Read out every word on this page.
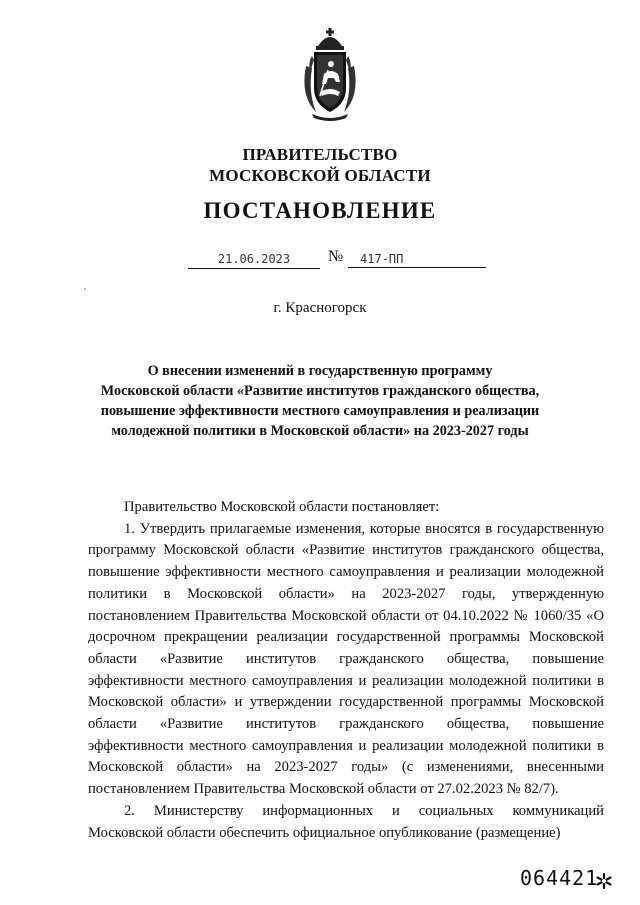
ПРАВИТЕЛЬСТВО
МОСКОВСКОЙ ОБЛАСТИ
ПОСТАНОВЛЕНИЕ
21.06.2023	№	417-ПП
г. Красногорск
О внесении изменений в государственную программу
Московской области «Развитие институтов гражданского общества,
повышение эффективности местного самоуправления и реализации
молодежной политики в Московской области» на 2023-2027 годы

Правительство Московской области постановляет:

1. Утвердить прилагаемые изменения, которые вносятся в государственную программу Московской области «Развитие институтов гражданского общества, повышение эффективности местного самоуправления и реализации молодежной политики в Московской области» на 2023-2027 годы, утвержденную постановлением Правительства Московской области от 04.10.2022 № 1060/35 «О досрочном прекращении реализации государственной программы Московской области «Развитие институтов гражданского общества, повышение эффективности местного самоуправления и реализации молодежной политики в Московской области» и утверждении государственной программы Московской области «Развитие институтов гражданского общества, повышение эффективности местного самоуправления и реализации молодежной политики в Московской области» на 2023-2027 годы» (с изменениями, внесенными постановлением Правительства Московской области от 27.02.2023 № 82/7).

2. Министерству информационных и социальных коммуникаций Московской области обеспечить официальное опубликование (размещение)

064421
